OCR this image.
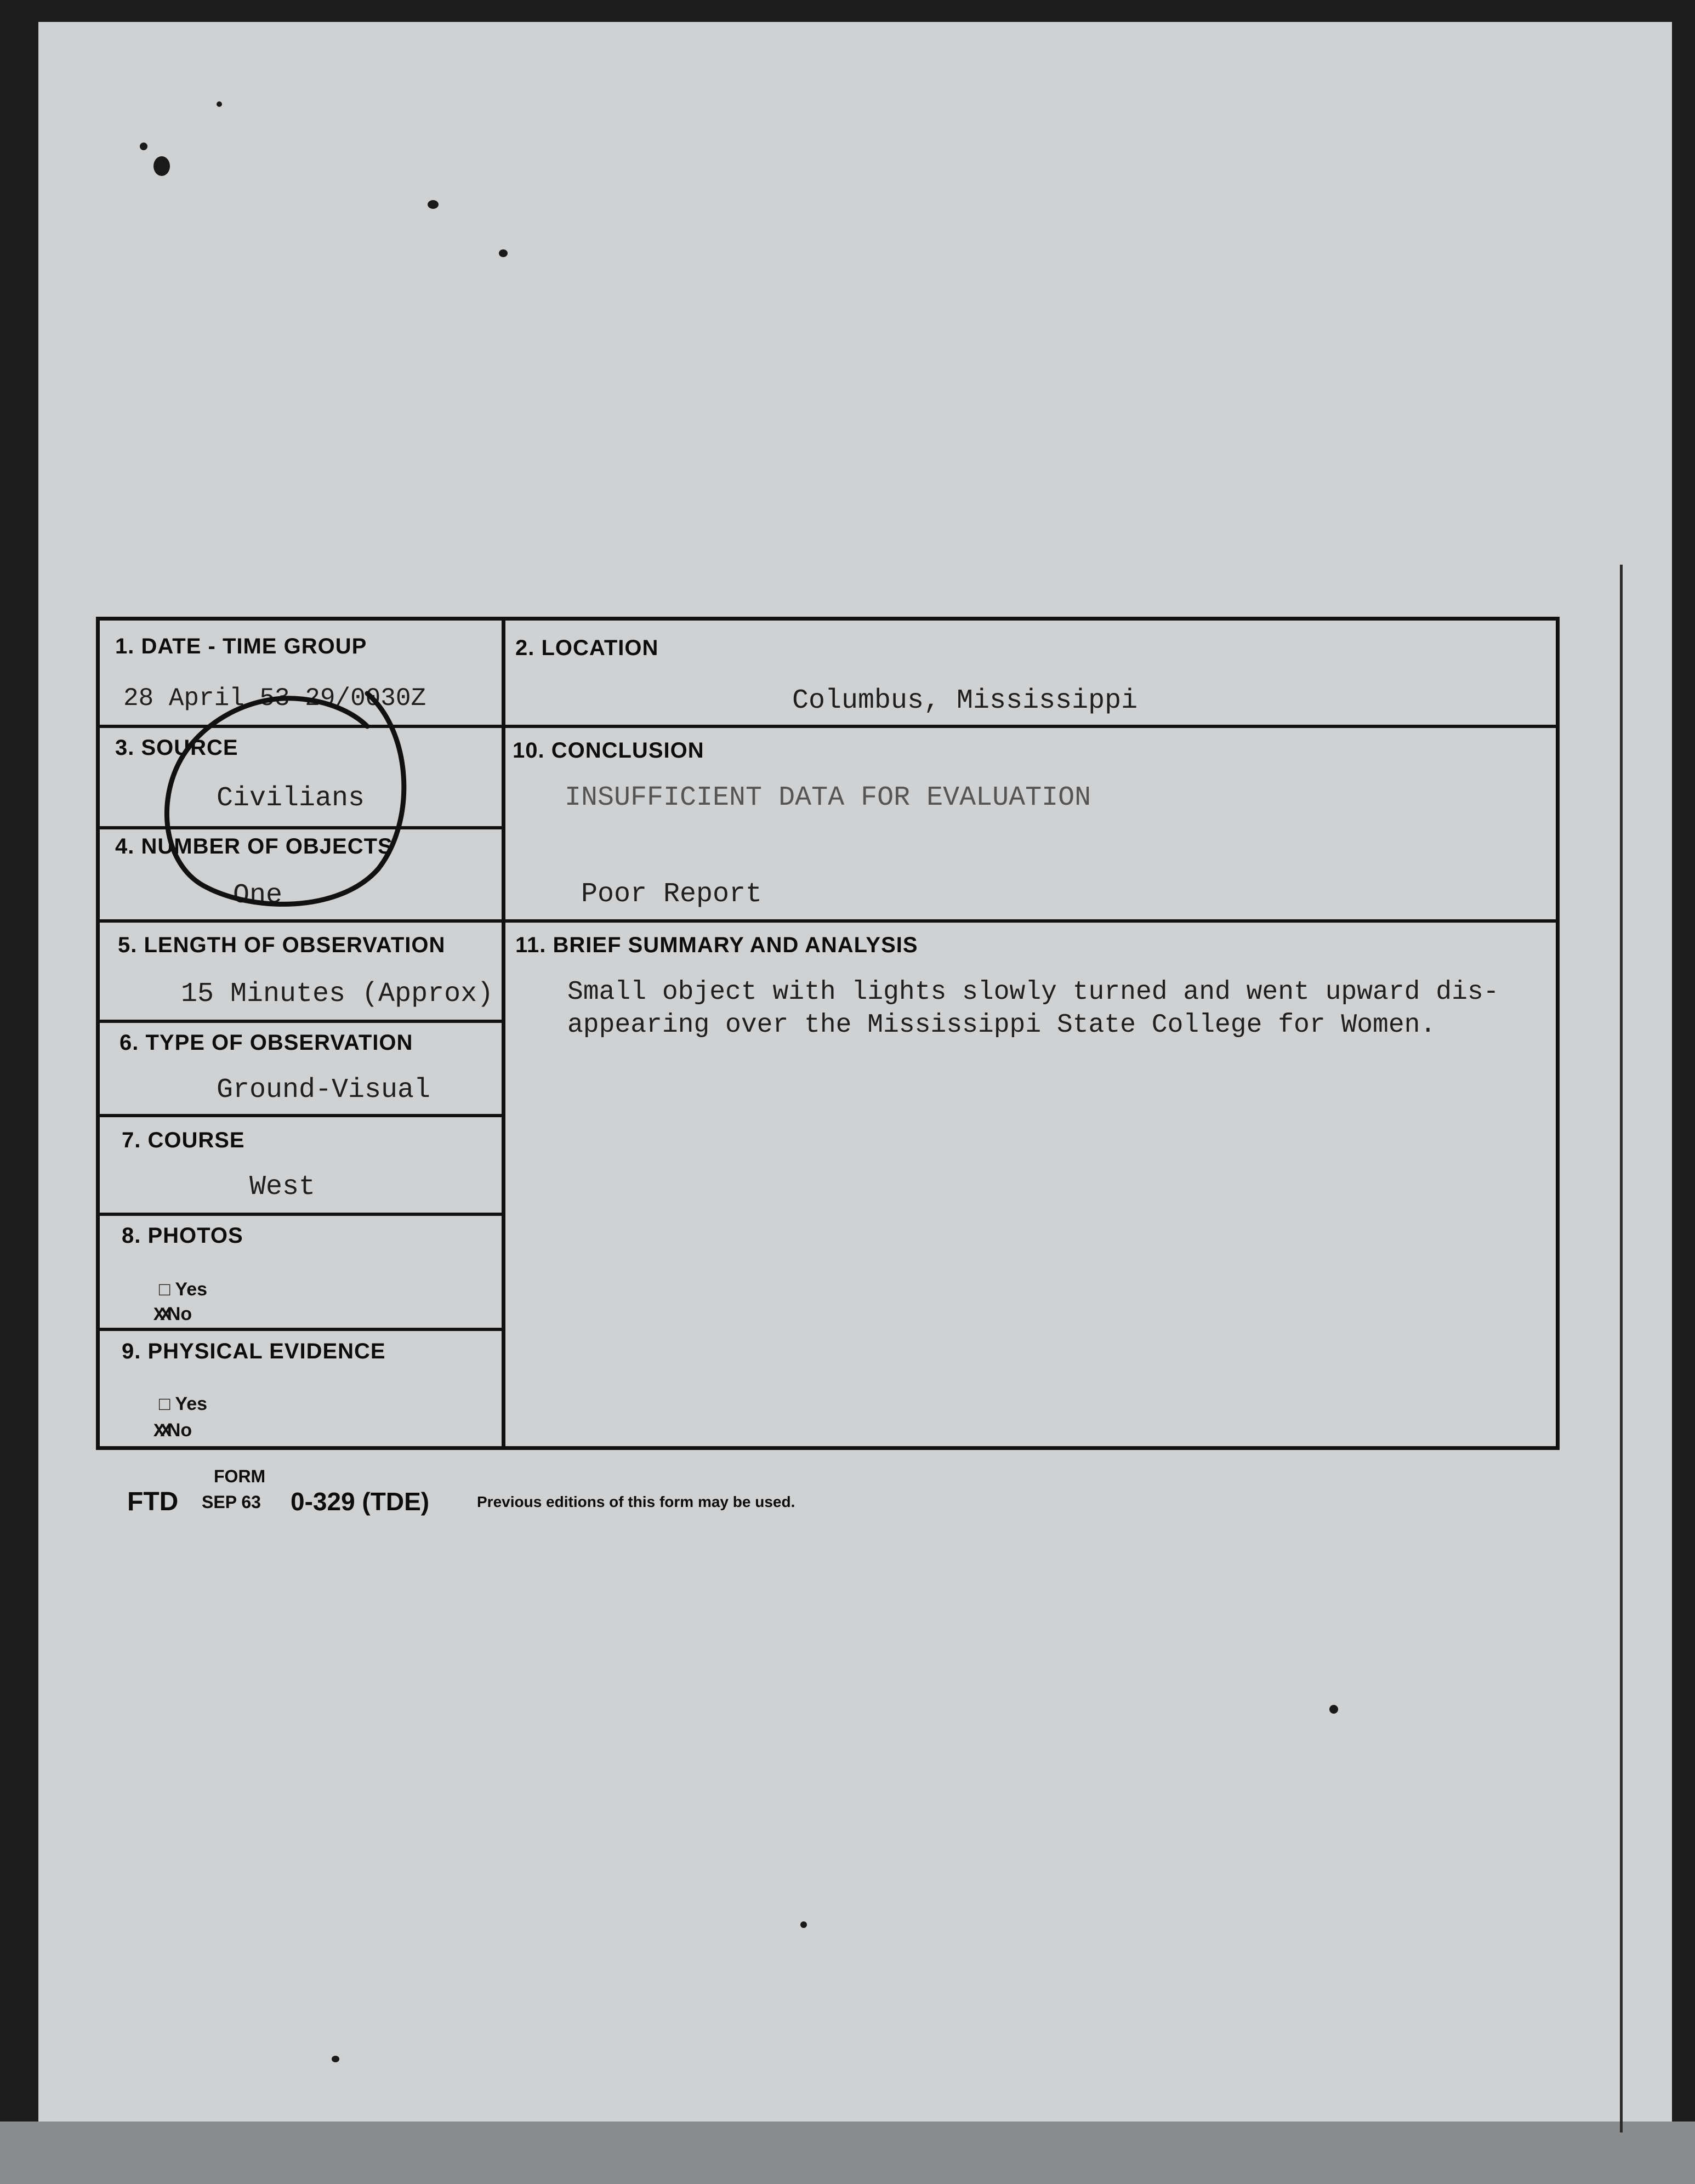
1. DATE - TIME GROUP
28 April 53 29/0030Z
2. LOCATION
Columbus, Mississippi
3. SOURCE
Civilians
4. NUMBER OF OBJECTS
One
5. LENGTH OF OBSERVATION
15 Minutes (Approx)
6. TYPE OF OBSERVATION
Ground-Visual
7. COURSE
West
8. PHOTOS
□ Yes
XXNo
9. PHYSICAL EVIDENCE
□ Yes
XXNo
10. CONCLUSION
INSUFFICIENT DATA FOR EVALUATION
Poor Report
11. BRIEF SUMMARY AND ANALYSIS
Small object with lights slowly turned and went upward dis-
appearing over the Mississippi State College for Women.
FORM
FTD SEP 63 0-329 (TDE)	Previous editions of this form may be used.
